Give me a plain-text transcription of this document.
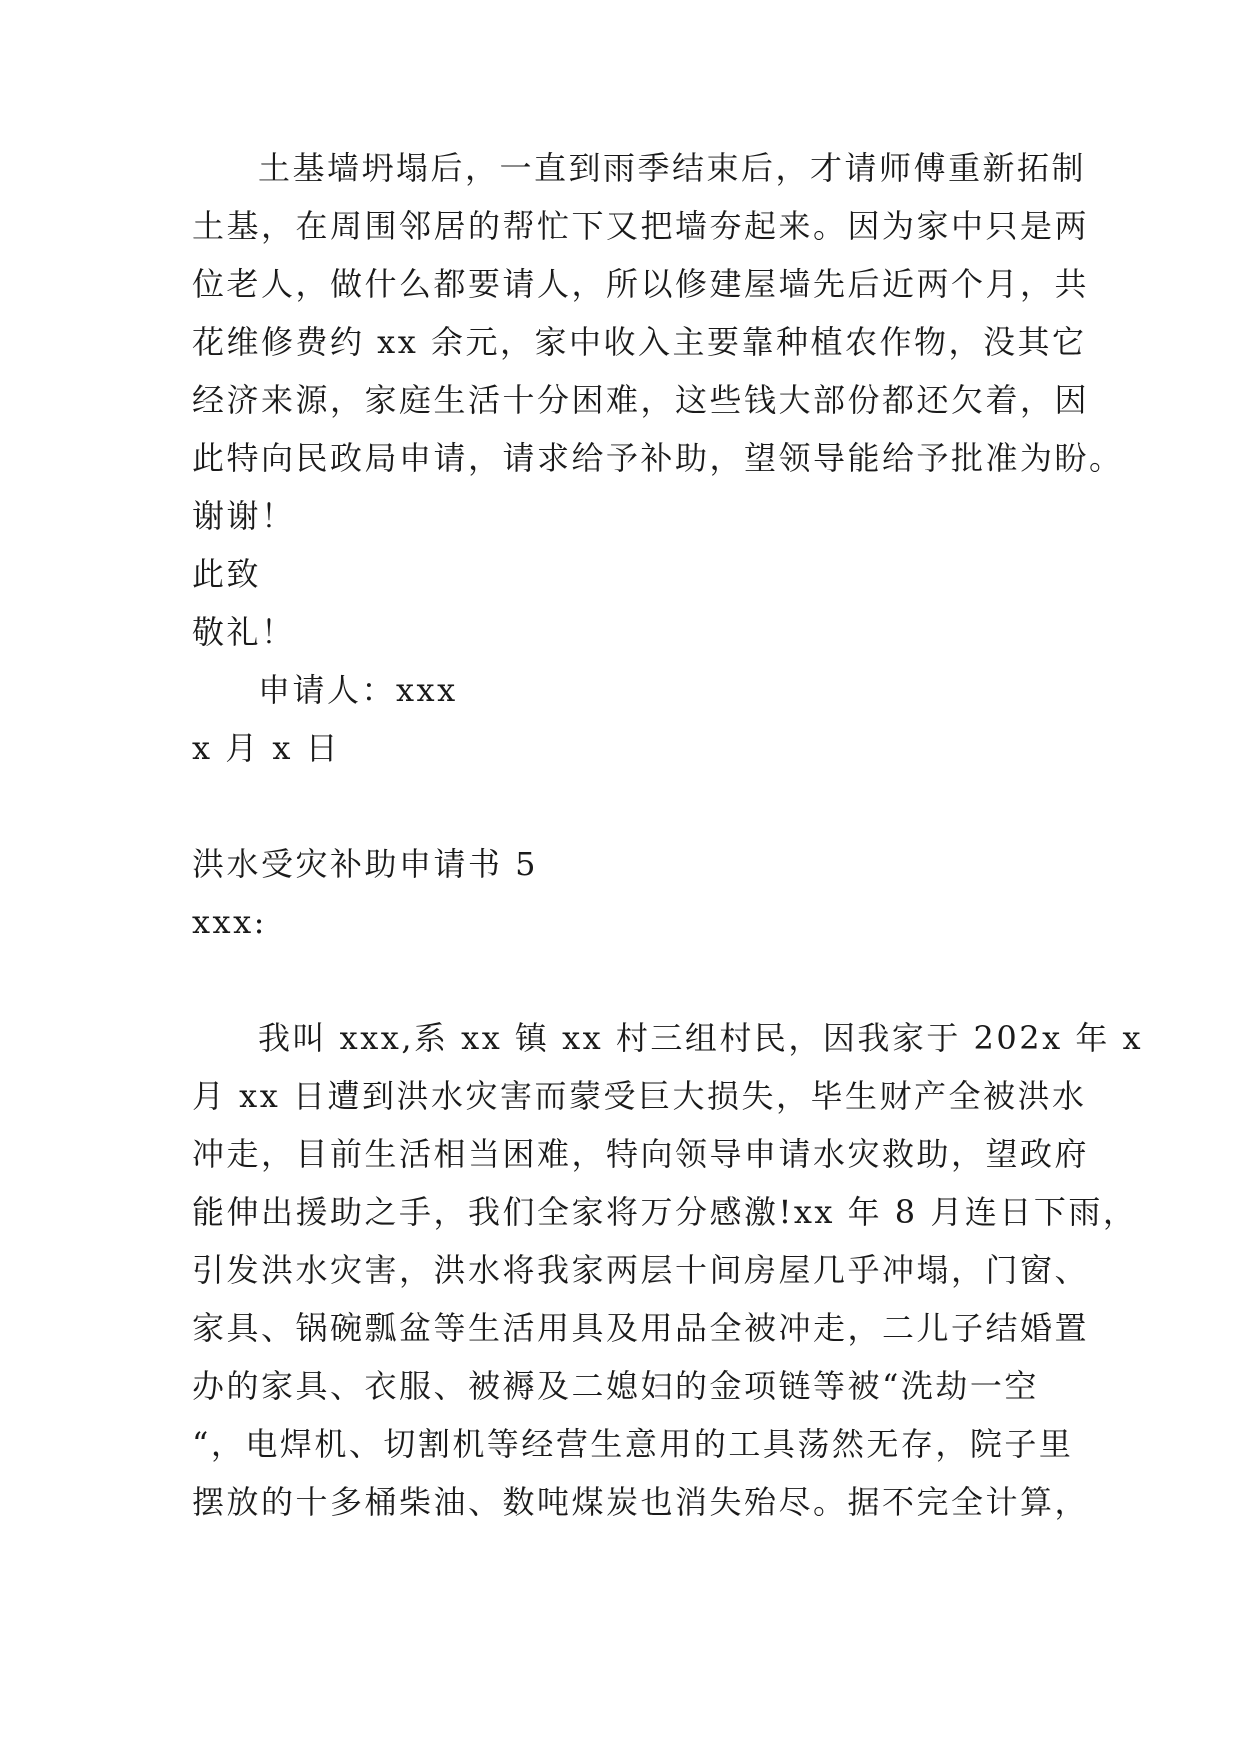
土基墙坍塌后，一直到雨季结束后，才请师傅重新拓制
土基，在周围邻居的帮忙下又把墙夯起来。因为家中只是两
位老人，做什么都要请人，所以修建屋墙先后近两个月，共
花维修费约 xx 余元，家中收入主要靠种植农作物，没其它
经济来源，家庭生活十分困难，这些钱大部份都还欠着，因
此特向民政局申请，请求给予补助，望领导能给予批准为盼。
谢谢！
此致
敬礼！
申请人：xxx
x 月 x 日
洪水受灾补助申请书 5
xxx:
我叫 xxx,系 xx 镇 xx 村三组村民，因我家于 202x 年 x
月 xx 日遭到洪水灾害而蒙受巨大损失，毕生财产全被洪水
冲走，目前生活相当困难，特向领导申请水灾救助，望政府
能伸出援助之手，我们全家将万分感激!xx 年 8 月连日下雨，
引发洪水灾害，洪水将我家两层十间房屋几乎冲塌，门窗、
家具、锅碗瓢盆等生活用具及用品全被冲走，二儿子结婚置
办的家具、衣服、被褥及二媳妇的金项链等被“洗劫一空
“，电焊机、切割机等经营生意用的工具荡然无存，院子里
摆放的十多桶柴油、数吨煤炭也消失殆尽。据不完全计算，
